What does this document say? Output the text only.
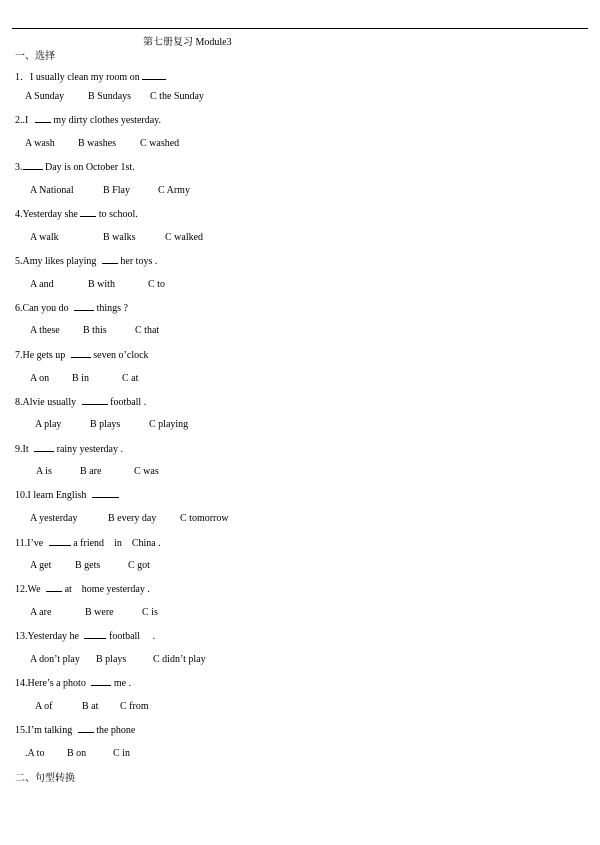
第七册复习 Module3
一、选择
1．I usually clean my room on
A Sunday B Sundays C the Sunday
2..I  my dirty clothes yesterday.
A wash B washes C washed
3. Day is on October 1st.
A National	B Flay	C Army
4.Yesterday she  to school.
A walk	B walks	C walked
5.Amy likes playing  her toys .
A and	B with	C to
6.Can you do  things ?
A these B this	C that
7.He gets up  seven o’clock
A on B in	C at
8.Alvie usually	football .
A play	B plays	C playing
9.It  rainy yesterday .
A is	B are	C was
10.I learn English
A yesterday	B every day C tomorrow
11.I’ve	a friend    in    China .
A get B gets	C got
12.We  at    home yesterday .
A are	B were	C is
13.Yesterday he	football     .
A don’t play B plays	C didn’t play
14.Here’s a photo  me .
A of	B at C from
15.I’m talking  the phone
.A to B on	C in
二、句型转换
